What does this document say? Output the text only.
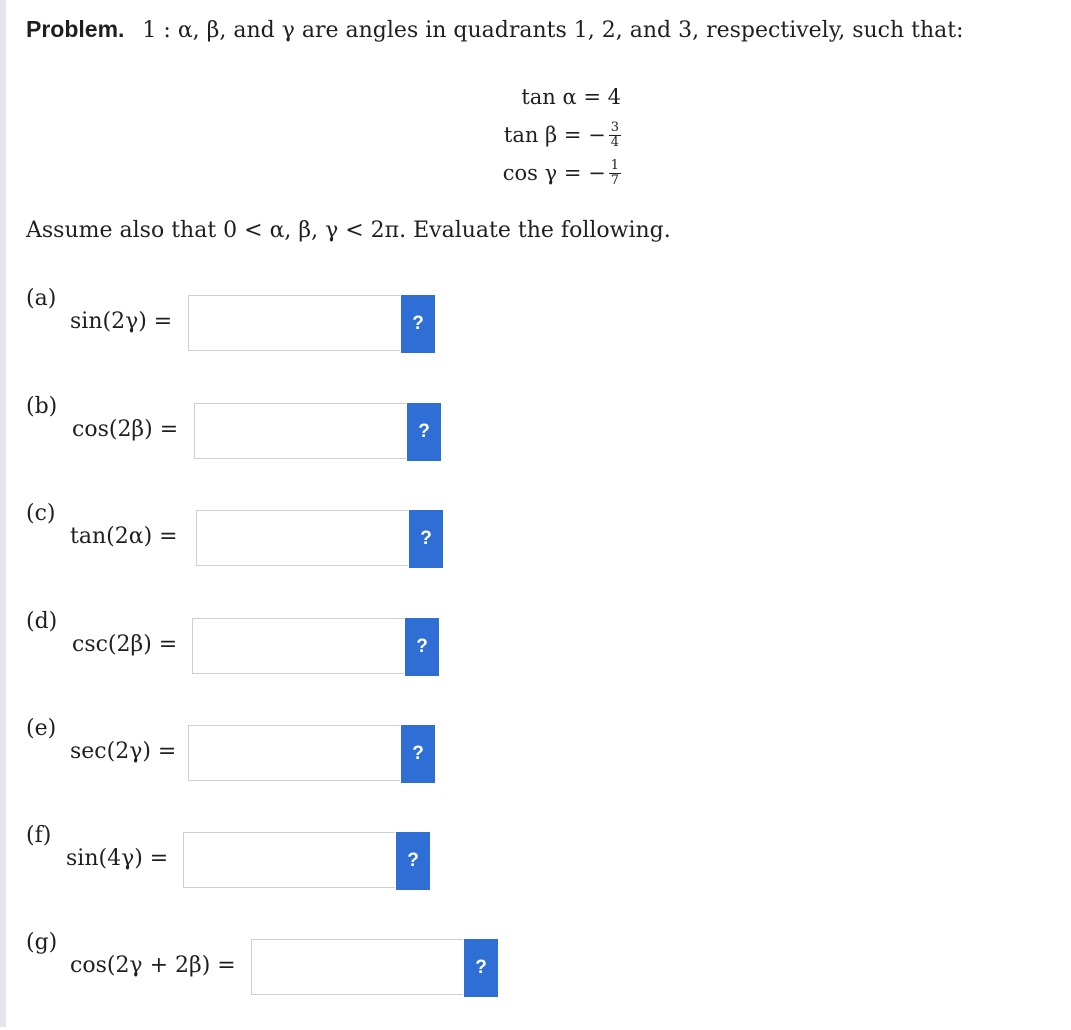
Problem. 1 : α, β, and γ are angles in quadrants 1, 2, and 3, respectively, such that:
tan α =
4
tan β = − $\frac{3}{4}$
cos γ = − $\frac{1}{7}$
Assume also that 0 < α, β, γ < 2π. Evaluate the following.
(a)
sin(2γ) =	?
(b)
cos(2β) =	?
(c)
tan(2α) =	?
(d)
csc(2β) =	?
(e)
sec(2γ) =	?
(f)
sin(4γ) =	?
(g)
cos(2γ + 2β) =	?
